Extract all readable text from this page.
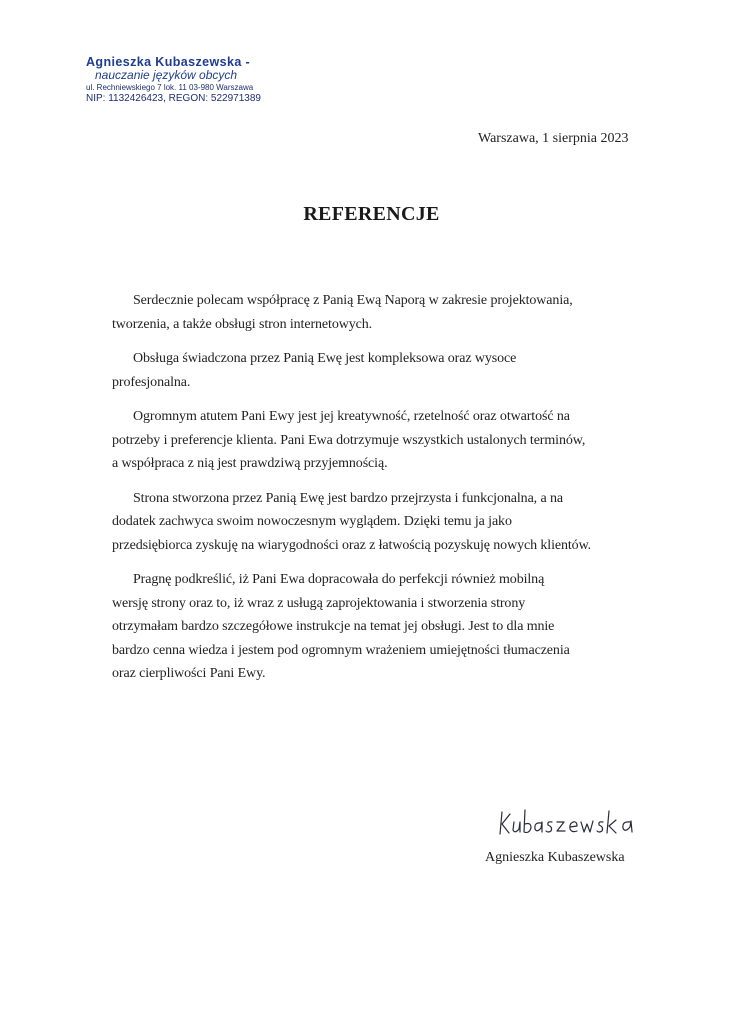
Agnieszka Kubaszewska -
nauczanie języków obcych
ul. Rechniewskiego 7 lok. 11 03-980 Warszawa
NIP: 1132426423, REGON: 522971389
Warszawa, 1 sierpnia 2023
REFERENCJE

Serdecznie polecam współpracę z Panią Ewą Naporą w zakresie projektowania,
tworzenia, a także obsługi stron internetowych.

Obsługa świadczona przez Panią Ewę jest kompleksowa oraz wysoce
profesjonalna.

Ogromnym atutem Pani Ewy jest jej kreatywność, rzetelność oraz otwartość na
potrzeby i preferencje klienta. Pani Ewa dotrzymuje wszystkich ustalonych terminów,
a współpraca z nią jest prawdziwą przyjemnością.

Strona stworzona przez Panią Ewę jest bardzo przejrzysta i funkcjonalna, a na
dodatek zachwyca swoim nowoczesnym wyglądem. Dzięki temu ja jako
przedsiębiorca zyskuję na wiarygodności oraz z łatwością pozyskuję nowych klientów.

Pragnę podkreślić, iż Pani Ewa dopracowała do perfekcji również mobilną
wersję strony oraz to, iż wraz z usługą zaprojektowania i stworzenia strony
otrzymałam bardzo szczegółowe instrukcje na temat jej obsługi. Jest to dla mnie
bardzo cenna wiedza i jestem pod ogromnym wrażeniem umiejętności tłumaczenia
oraz cierpliwości Pani Ewy.

Agnieszka Kubaszewska
